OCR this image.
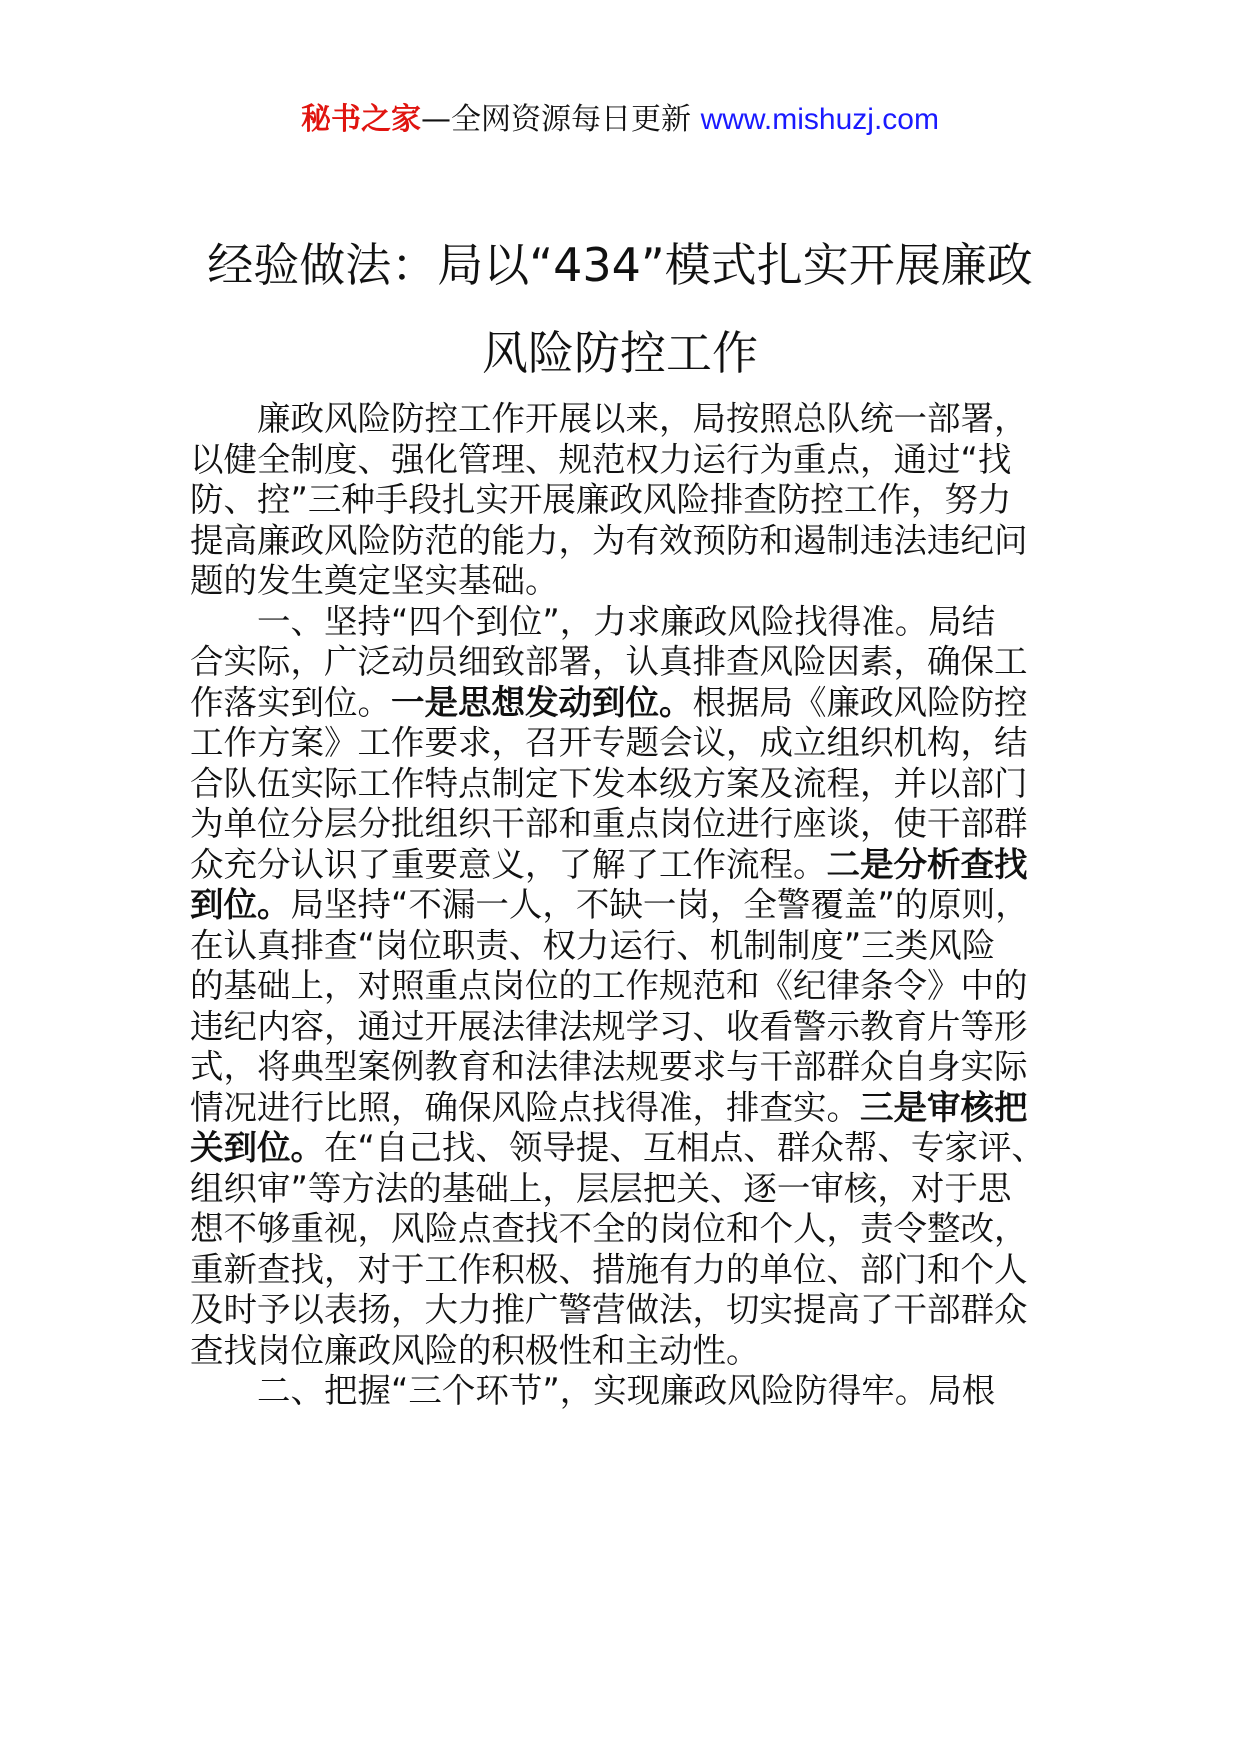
秘书之家—全网资源每日更新 www.mishuzj.com
经验做法：局以“434”模式扎实开展廉政
风险防控工作
廉政风险防控工作开展以来，局按照总队统一部署，
以健全制度、强化管理、规范权力运行为重点，通过“找
防、控”三种手段扎实开展廉政风险排查防控工作，努力
提高廉政风险防范的能力，为有效预防和遏制违法违纪问
题的发生奠定坚实基础。
一、坚持“四个到位”，力求廉政风险找得准。局结
合实际，广泛动员细致部署，认真排查风险因素，确保工
作落实到位。一是思想发动到位。根据局《廉政风险防控
工作方案》工作要求，召开专题会议，成立组织机构，结
合队伍实际工作特点制定下发本级方案及流程，并以部门
为单位分层分批组织干部和重点岗位进行座谈，使干部群
众充分认识了重要意义，了解了工作流程。二是分析查找
到位。局坚持“不漏一人，不缺一岗，全警覆盖”的原则，
在认真排查“岗位职责、权力运行、机制制度”三类风险
的基础上，对照重点岗位的工作规范和《纪律条令》中的
违纪内容，通过开展法律法规学习、收看警示教育片等形
式，将典型案例教育和法律法规要求与干部群众自身实际
情况进行比照，确保风险点找得准，排查实。三是审核把
关到位。在“自己找、领导提、互相点、群众帮、专家评、
组织审”等方法的基础上，层层把关、逐一审核，对于思
想不够重视，风险点查找不全的岗位和个人，责令整改，
重新查找，对于工作积极、措施有力的单位、部门和个人
及时予以表扬，大力推广警营做法，切实提高了干部群众
查找岗位廉政风险的积极性和主动性。
二、把握“三个环节”，实现廉政风险防得牢。局根
